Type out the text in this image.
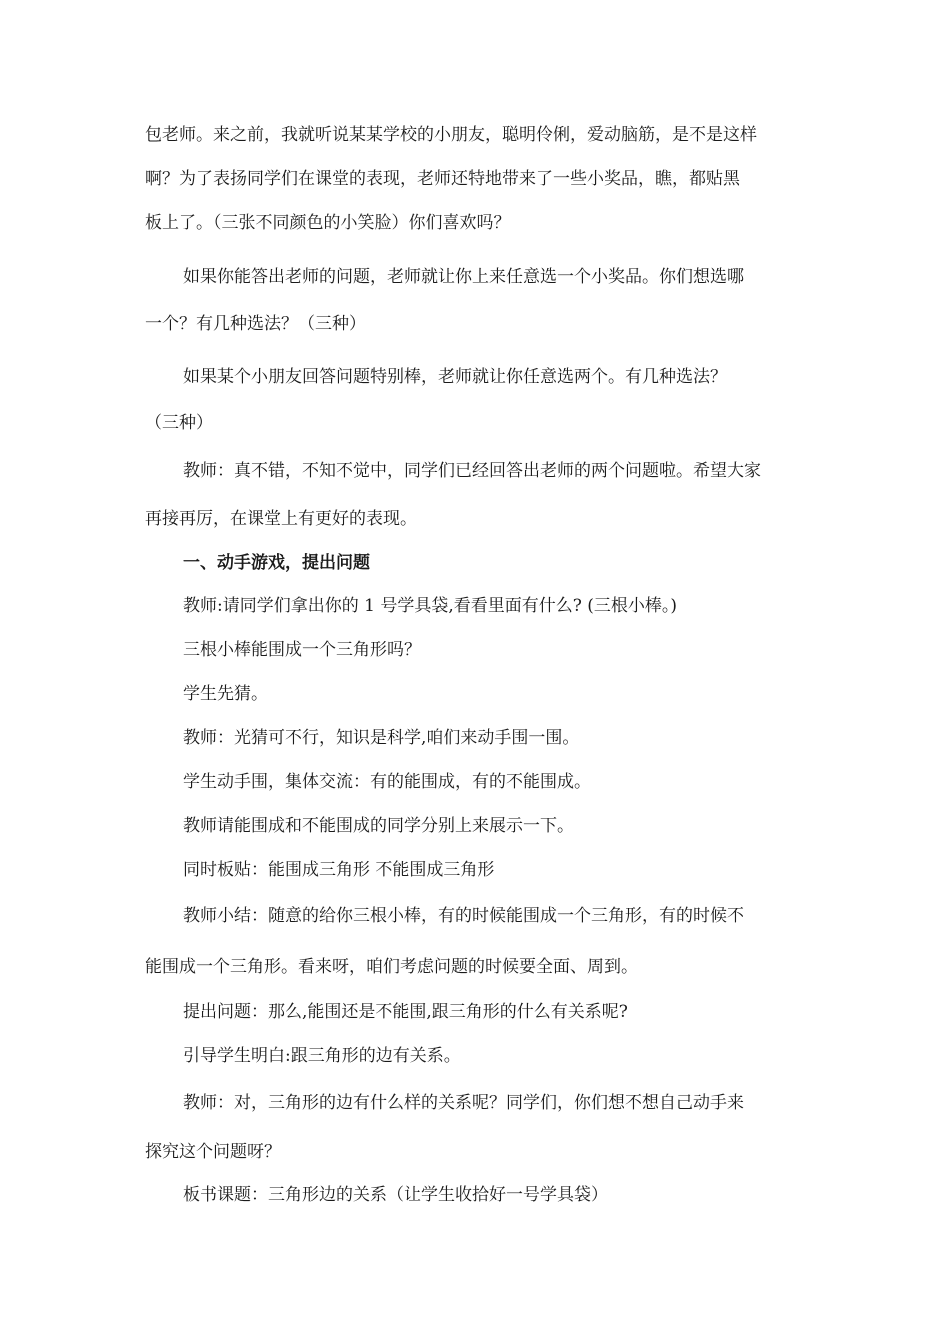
包老师。来之前，我就听说某某学校的小朋友，聪明伶俐，爱动脑筋，是不是这样

啊？为了表扬同学们在课堂的表现，老师还特地带来了一些小奖品，瞧，都贴黑

板上了。（三张不同颜色的小笑脸）你们喜欢吗？

如果你能答出老师的问题，老师就让你上来任意选一个小奖品。你们想选哪

一个？有几种选法？（三种）

如果某个小朋友回答问题特别棒，老师就让你任意选两个。有几种选法？

（三种）

教师：真不错，不知不觉中，同学们已经回答出老师的两个问题啦。希望大家

再接再厉，在课堂上有更好的表现。

一、动手游戏，提出问题

教师:请同学们拿出你的 1 号学具袋,看看里面有什么? (三根小棒。)

三根小棒能围成一个三角形吗？

学生先猜。

教师：光猜可不行，知识是科学,咱们来动手围一围。

学生动手围，集体交流：有的能围成，有的不能围成。

教师请能围成和不能围成的同学分别上来展示一下。

同时板贴：能围成三角形 不能围成三角形

教师小结：随意的给你三根小棒，有的时候能围成一个三角形，有的时候不

能围成一个三角形。看来呀，咱们考虑问题的时候要全面、周到。

提出问题：那么,能围还是不能围,跟三角形的什么有关系呢?

引导学生明白:跟三角形的边有关系。

教师：对，三角形的边有什么样的关系呢？同学们，你们想不想自己动手来

探究这个问题呀？

板书课题：三角形边的关系（让学生收拾好一号学具袋）
